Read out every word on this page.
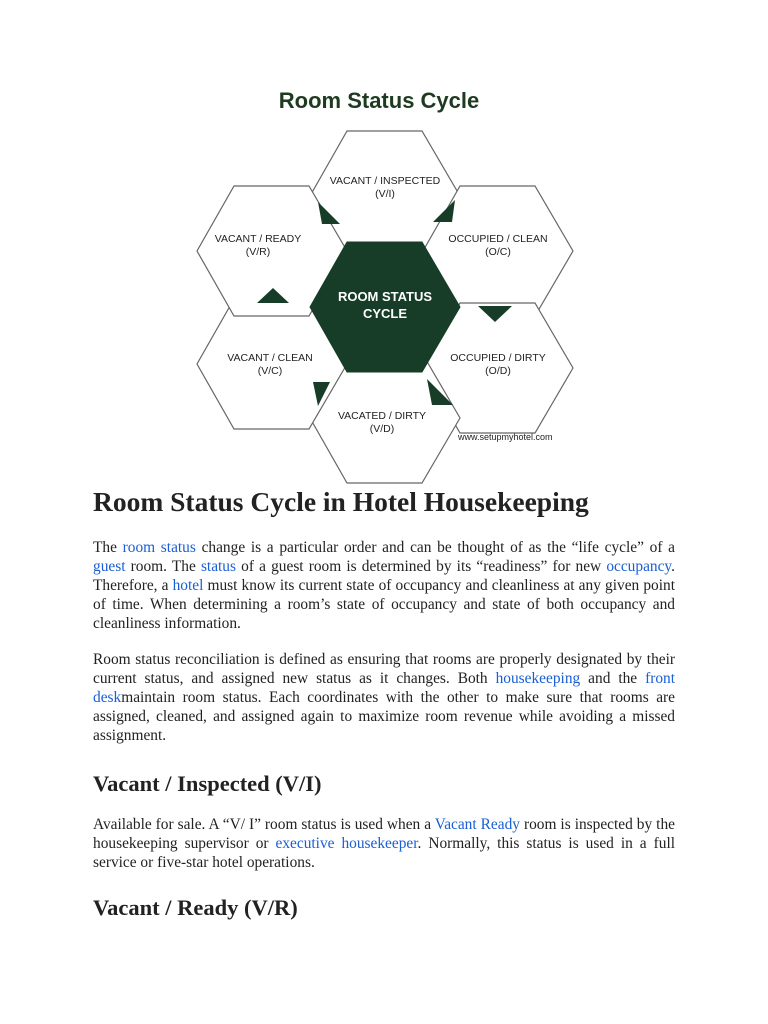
Room Status Cycle
VACANT / INSPECTED
(V/I)
OCCUPIED / CLEAN
(O/C)
OCCUPIED / DIRTY
(O/D)
VACATED / DIRTY
(V/D)
VACANT / CLEAN
(V/C)
VACANT / READY
(V/R)
ROOM STATUS
CYCLE
www.setupmyhotel.com
Room Status Cycle in Hotel Housekeeping

The room status change is a particular order and can be thought of as the “life cycle” of a guest room. The status of a guest room is determined by its “readiness” for new occupancy. Therefore, a hotel must know its current state of occupancy and cleanliness at any given point of time. When determining a room’s state of occupancy and state of both occupancy and cleanliness information.

Room status reconciliation is defined as ensuring that rooms are properly designated by their current status, and assigned new status as it changes. Both housekeeping and the front deskmaintain room status. Each coordinates with the other to make sure that rooms are assigned, cleaned, and assigned again to maximize room revenue while avoiding a missed assignment.

Vacant / Inspected (V/I)

Available for sale. A “V/ I” room status is used when a Vacant Ready room is inspected by the housekeeping supervisor or executive housekeeper. Normally, this status is used in a full service or five-star hotel operations.

Vacant / Ready (V/R)
